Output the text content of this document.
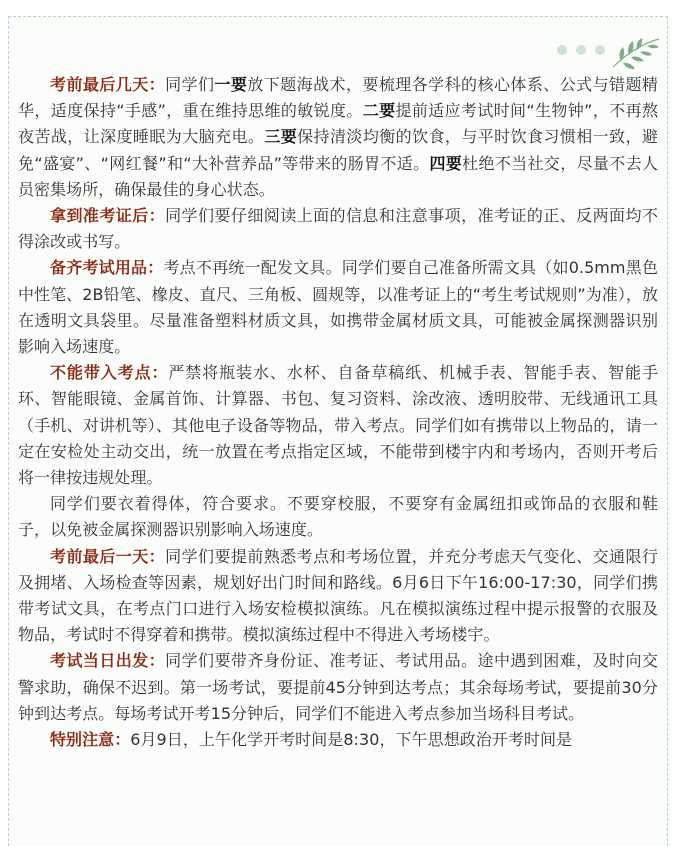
考前最后几天：同学们一要放下题海战术，要梳理各学科的核心体系、公式与错题精华，适度保持“手感”，重在维持思维的敏锐度。二要提前适应考试时间“生物钟”，不再熬夜苦战，让深度睡眠为大脑充电。三要保持清淡均衡的饮食，与平时饮食习惯相一致，避免“盛宴”、“网红餐”和“大补营养品”等带来的肠胃不适。四要杜绝不当社交，尽量不去人员密集场所，确保最佳的身心状态。

拿到准考证后：同学们要仔细阅读上面的信息和注意事项，准考证的正、反两面均不得涂改或书写。

备齐考试用品：考点不再统一配发文具。同学们要自己准备所需文具（如0.5mm黑色中性笔、2B铅笔、橡皮、直尺、三角板、圆规等，以准考证上的“考生考试规则”为准），放在透明文具袋里。尽量准备塑料材质文具，如携带金属材质文具，可能被金属探测器识别影响入场速度。

不能带入考点：严禁将瓶装水、水杯、自备草稿纸、机械手表、智能手表、智能手环、智能眼镜、金属首饰、计算器、书包、复习资料、涂改液、透明胶带、无线通讯工具（手机、对讲机等）、其他电子设备等物品，带入考点。同学们如有携带以上物品的，请一定在安检处主动交出，统一放置在考点指定区域，不能带到楼宇内和考场内，否则开考后将一律按违规处理。

同学们要衣着得体，符合要求。不要穿校服，不要穿有金属纽扣或饰品的衣服和鞋子，以免被金属探测器识别影响入场速度。

考前最后一天：同学们要提前熟悉考点和考场位置，并充分考虑天气变化、交通限行及拥堵、入场检查等因素，规划好出门时间和路线。6月6日下午16:00-17:30，同学们携带考试文具，在考点门口进行入场安检模拟演练。凡在模拟演练过程中提示报警的衣服及物品，考试时不得穿着和携带。模拟演练过程中不得进入考场楼宇。

考试当日出发：同学们要带齐身份证、准考证、考试用品。途中遇到困难，及时向交警求助，确保不迟到。第一场考试，要提前45分钟到达考点；其余每场考试，要提前30分钟到达考点。每场考试开考15分钟后，同学们不能进入考点参加当场科目考试。

特别注意：6月9日，上午化学开考时间是8:30，下午思想政治开考时间是
